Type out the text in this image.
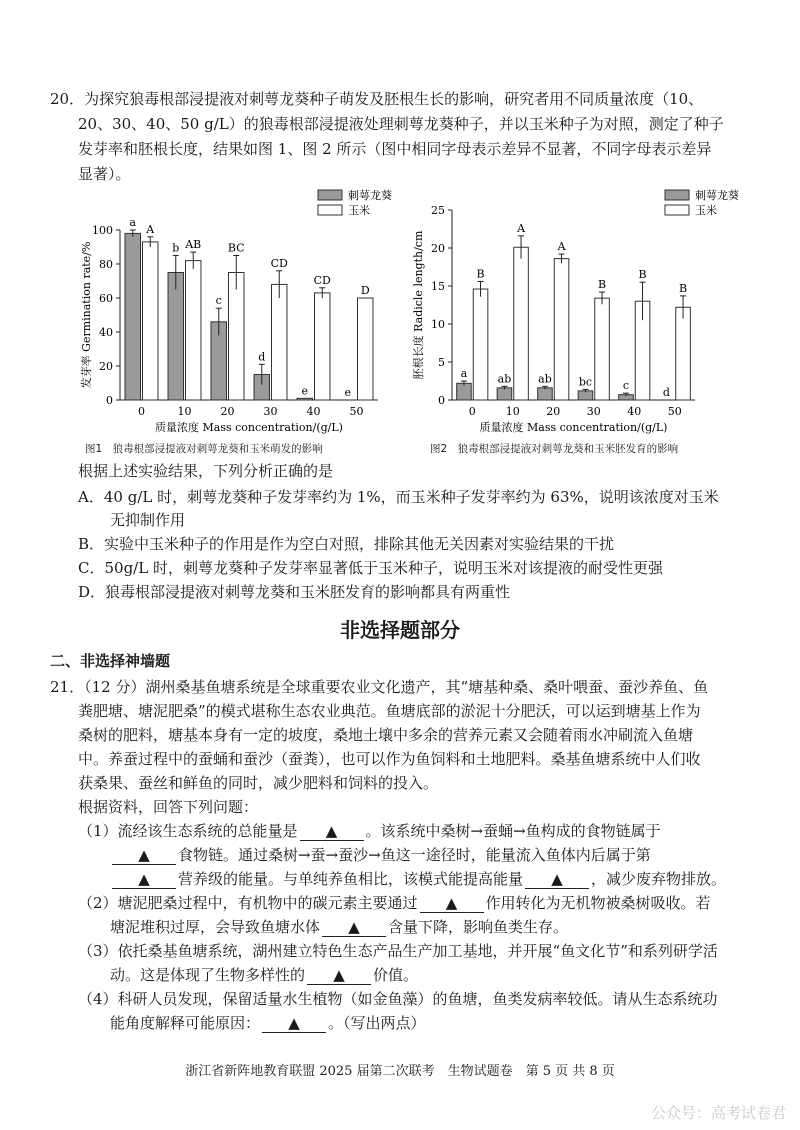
20．为探究狼毒根部浸提液对刺萼龙葵种子萌发及胚根生长的影响，研究者用不同质量浓度（10、
20、30、40、50 g/L）的狼毒根部浸提液处理刺萼龙葵种子，并以玉米种子为对照，测定了种子
发芽率和胚根长度，结果如图 1、图 2 所示（图中相同字母表示差异不显著，不同字母表示差异
显著）。
0
20
40
60
80
100
a
A
0
b AB
10
c
BC
20
d
CD
30
e
CD
40
e
D
50
质量浓度 Mass concentration/(g/L)
发芽率 Germination rate/%
刺萼龙葵
玉米
0
5
10
15
20
25
a
B
0
ab
A
10
ab
A
20
bc
B
30
c
B
40
d
B
50
质量浓度 Mass concentration/(g/L)
胚根长度 Radicle length/cm
刺萼龙葵
玉米
图1　狼毒根部浸提液对刺萼龙葵和玉米萌发的影响	图2　狼毒根部浸提液对刺萼龙葵和玉米胚发育的影响
根据上述实验结果，下列分析正确的是
A．40 g/L 时，刺萼龙葵种子发芽率约为 1%，而玉米种子发芽率约为 63%，说明该浓度对玉米
无抑制作用
B．实验中玉米种子的作用是作为空白对照，排除其他无关因素对实验结果的干扰
C．50g/L 时，刺萼龙葵种子发芽率显著低于玉米种子，说明玉米对该提液的耐受性更强
D．狼毒根部浸提液对刺萼龙葵和玉米胚发育的影响都具有两重性
非选择题部分
二、非选择神墙题
21．（12 分）湖州桑基鱼塘系统是全球重要农业文化遗产，其“塘基种桑、桑叶喂蚕、蚕沙养鱼、鱼
粪肥塘、塘泥肥桑”的模式堪称生态农业典范。鱼塘底部的淤泥十分肥沃，可以运到塘基上作为
桑树的肥料，塘基本身有一定的坡度，桑地土壤中多余的营养元素又会随着雨水冲刷流入鱼塘
中。养蚕过程中的蚕蛹和蚕沙（蚕粪），也可以作为鱼饲料和土地肥料。桑基鱼塘系统中人们收
获桑果、蚕丝和鲜鱼的同时，减少肥料和饲料的投入。
根据资料，回答下列问题：
（1）流经该生态系统的总能量是 ▲ 。该系统中桑树→蚕蛹→鱼构成的食物链属于
▲ 食物链。通过桑树→蚕→蚕沙→鱼这一途径时，能量流入鱼体内后属于第
▲ 营养级的能量。与单纯养鱼相比，该模式能提高能量 ▲ ，减少废弃物排放。
（2）塘泥肥桑过程中，有机物中的碳元素主要通过 ▲ 作用转化为无机物被桑树吸收。若
塘泥堆积过厚，会导致鱼塘水体 ▲ 含量下降，影响鱼类生存。
（3）依托桑基鱼塘系统，湖州建立特色生态产品生产加工基地，并开展“鱼文化节”和系列研学活
动。这是体现了生物多样性的 ▲ 价值。
（4）科研人员发现，保留适量水生植物（如金鱼藻）的鱼塘，鱼类发病率较低。请从生态系统功
能角度解释可能原因： ▲ 。（写出两点）
浙江省新阵地教育联盟 2025 届第二次联考　生物试题卷　第 5 页 共 8 页
公众号：高考试卷君
